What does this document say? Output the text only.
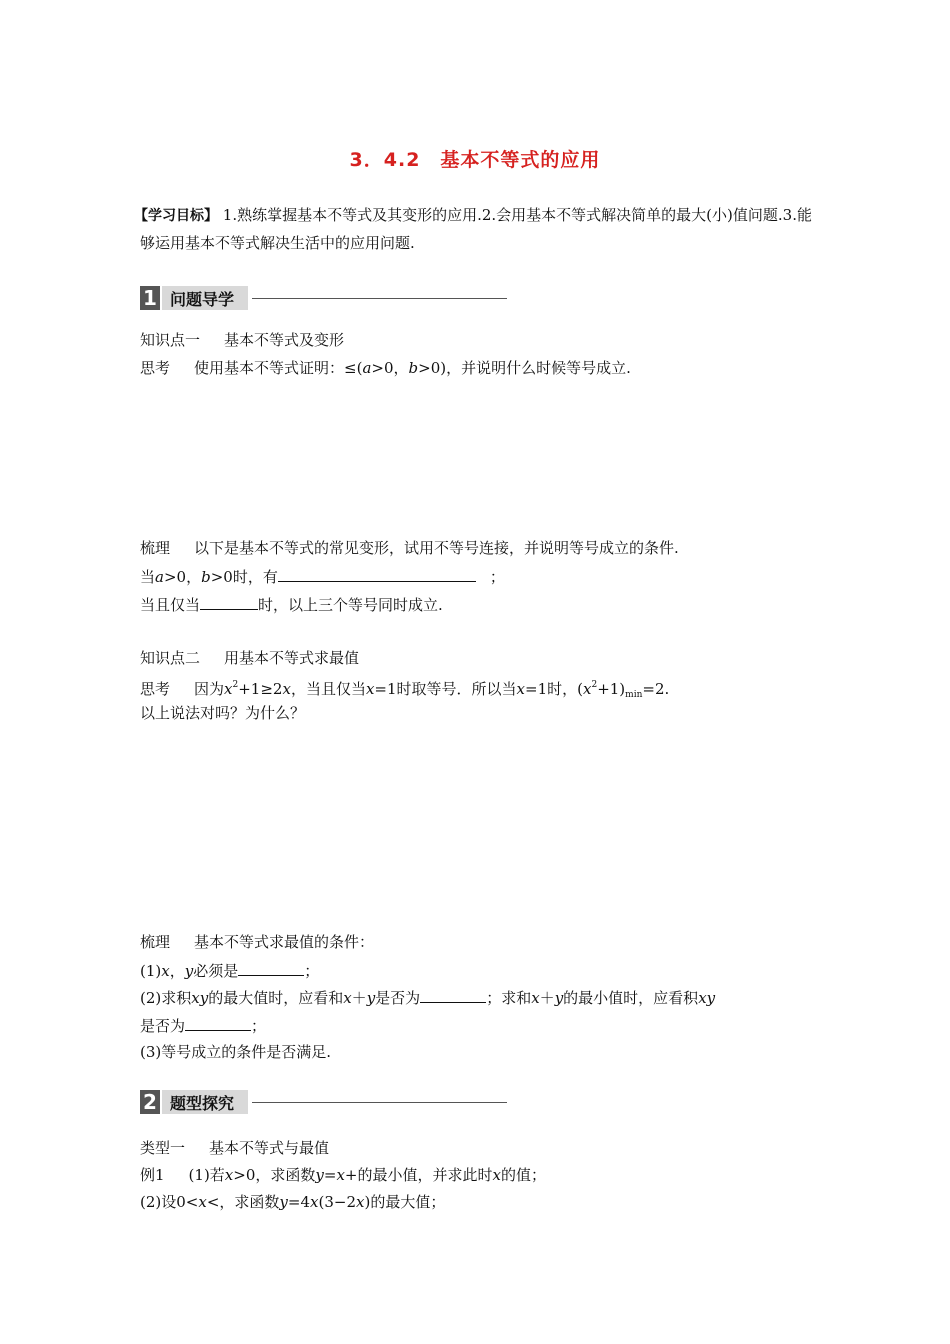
3．4.2　基本不等式的应用
【学习目标】 1.熟练掌握基本不等式及其变形的应用.2.会用基本不等式解决简单的最大(小)值问题.3.能够运用基本不等式解决生活中的应用问题.
1 问题导学
知识点一 基本不等式及变形
思考 使用基本不等式证明：≤(a>0，b>0)，并说明什么时候等号成立.
梳理 以下是基本不等式的常见变形，试用不等号连接，并说明等号成立的条件.
当a>0，b>0时，有	；
当且仅当	时，以上三个等号同时成立.
知识点二 用基本不等式求最值
思考 因为$x^2+1\ge 2x$，当且仅当x=1时取等号．所以当x=1时，$(x^2+1)_{min}=2$.
以上说法对吗？为什么？
梳理 基本不等式求最值的条件：
(1)x，y必须是	；
(2)求积xy的最大值时，应看和x＋y是否为	；求和x＋y的最小值时，应看积xy
是否为	；
(3)等号成立的条件是否满足.
2 题型探究
类型一 基本不等式与最值
例1 (1)若x>0，求函数y=x+的最小值，并求此时x的值；
(2)设0<x<，求函数y=4x(3−2x)的最大值；
